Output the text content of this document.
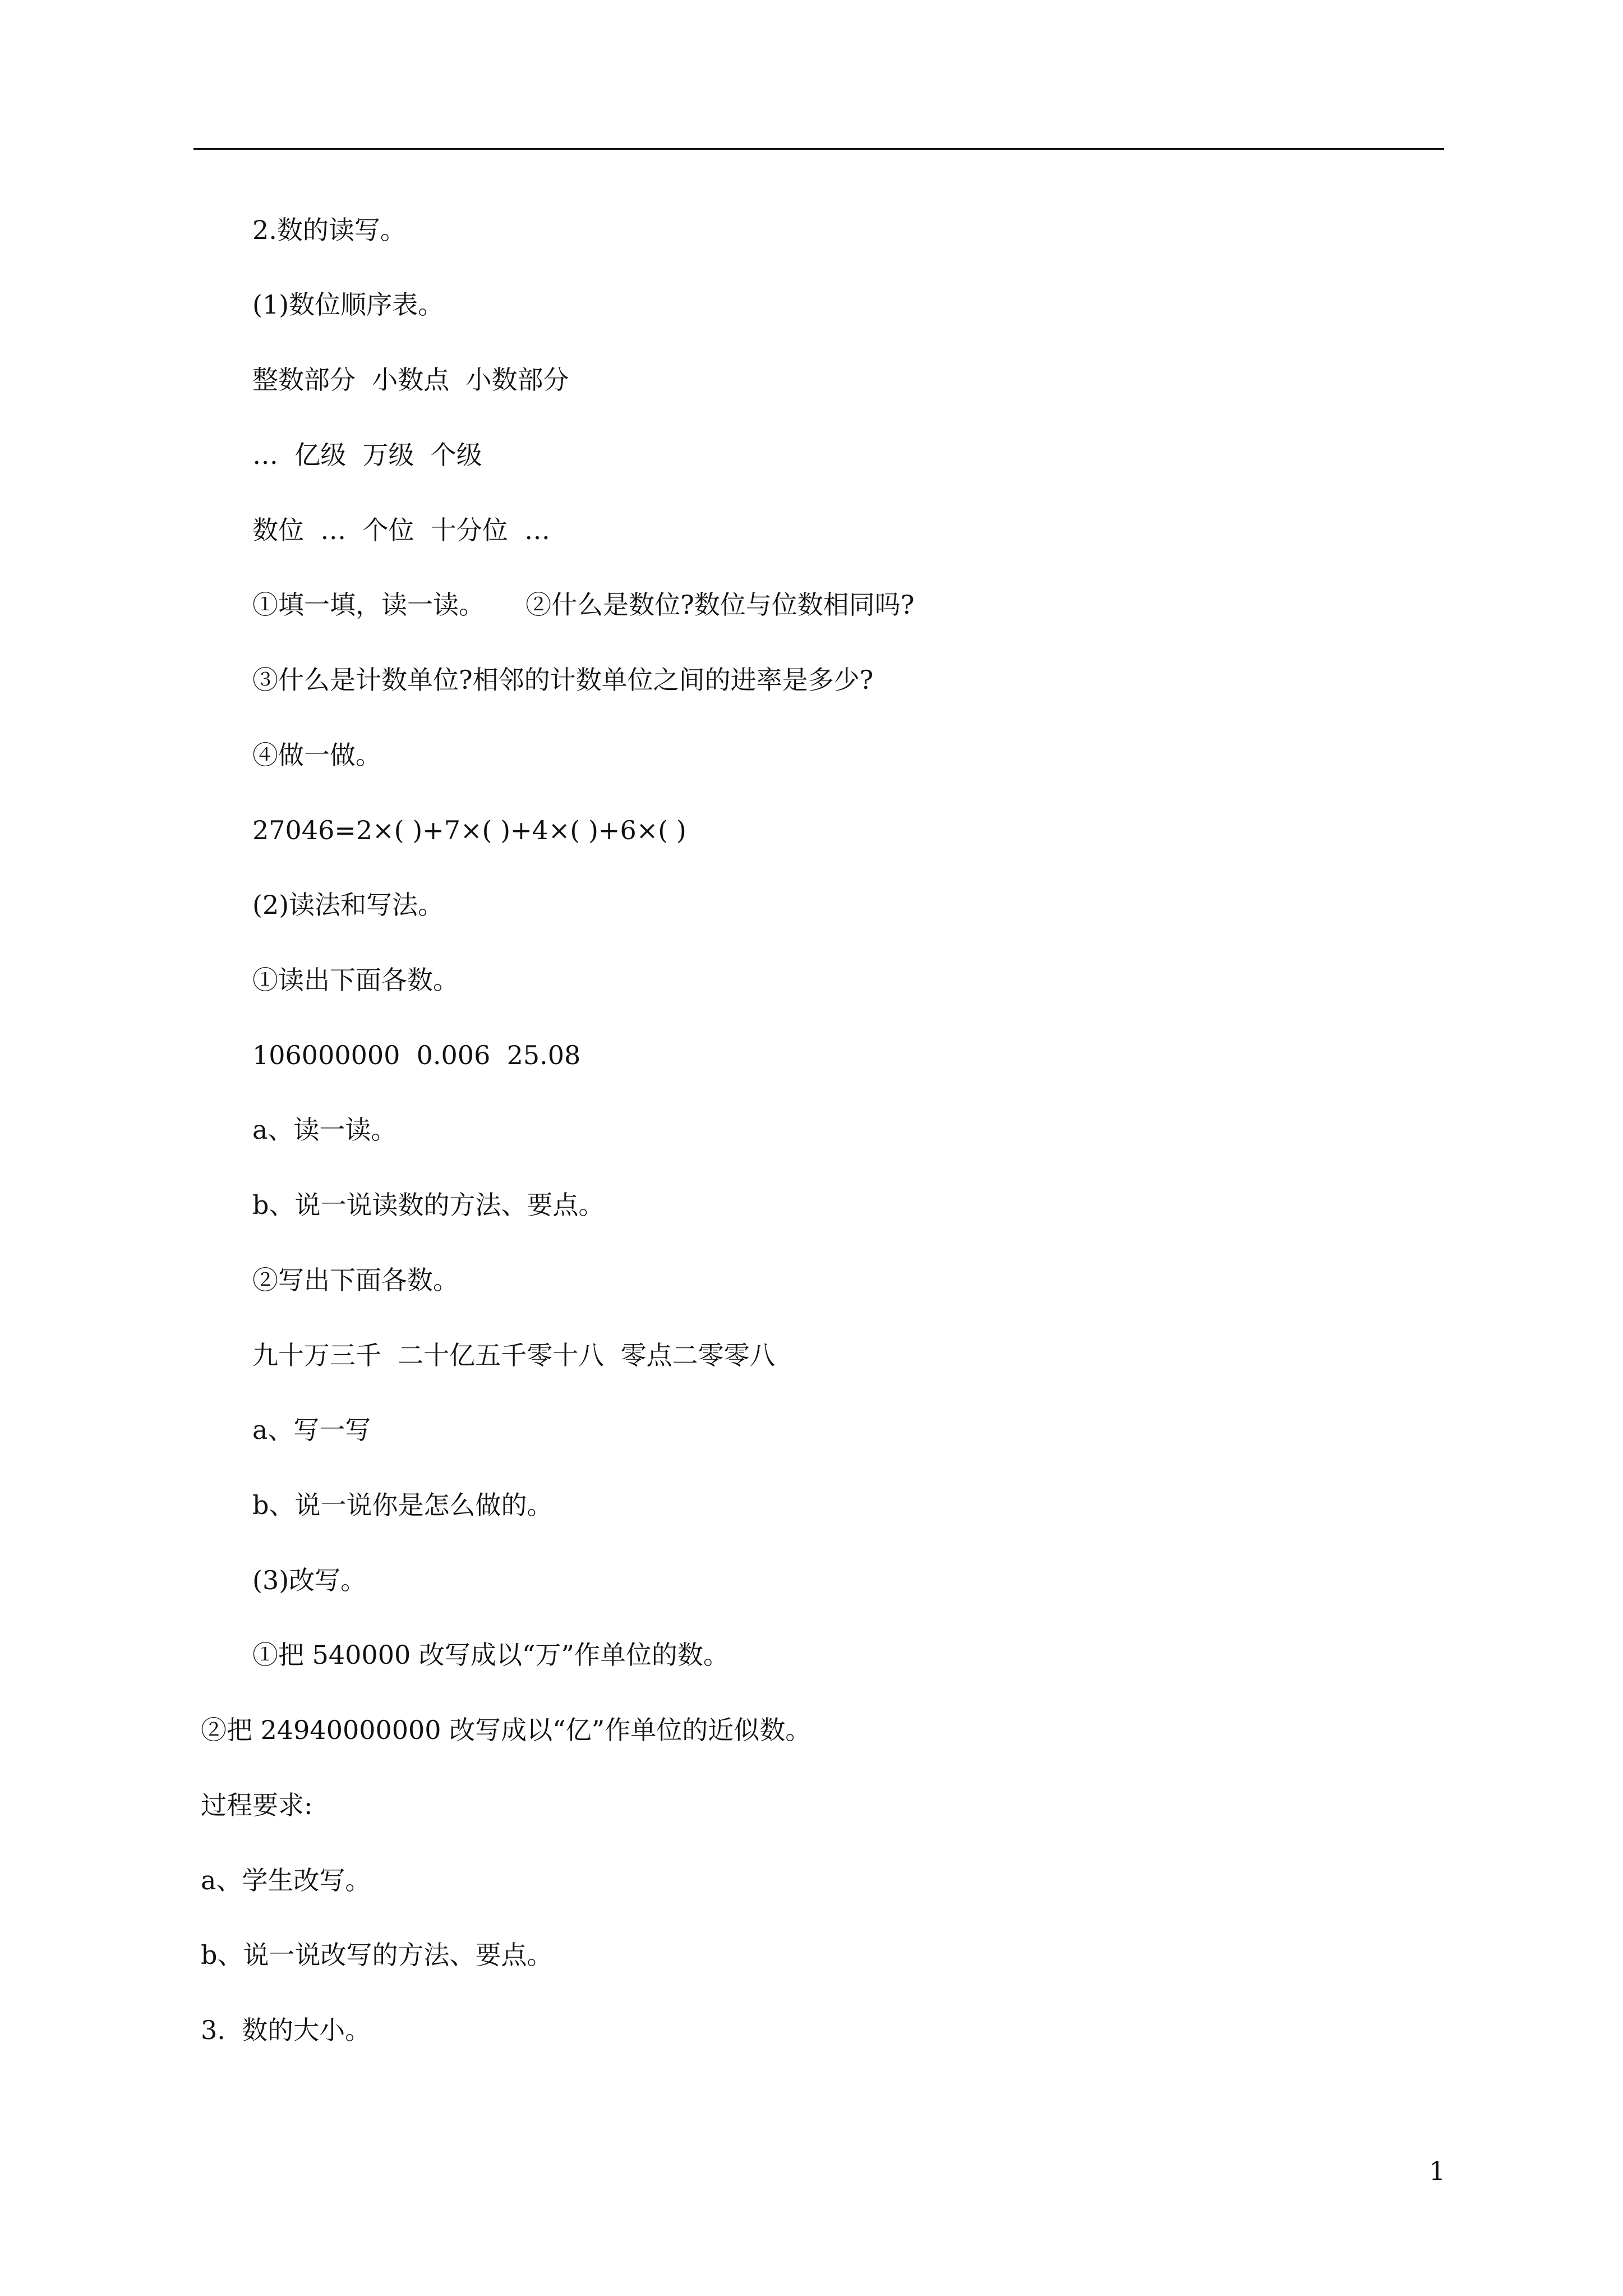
2.数的读写。
(1)数位顺序表。
整数部分  小数点  小数部分
…  亿级  万级  个级
数位  …  个位  十分位  …
①填一填，读一读。     ②什么是数位?数位与位数相同吗?
③什么是计数单位?相邻的计数单位之间的进率是多少?
④做一做。
27046=2×( )+7×( )+4×( )+6×( )
(2)读法和写法。
①读出下面各数。
106000000  0.006  25.08
a、读一读。
b、说一说读数的方法、要点。
②写出下面各数。
九十万三千  二十亿五千零十八  零点二零零八
a、写一写
b、说一说你是怎么做的。
(3)改写。
①把 540000 改写成以“万”作单位的数。
②把 24940000000 改写成以“亿”作单位的近似数。
过程要求:
a、学生改写。
b、说一说改写的方法、要点。
3.  数的大小。
1
